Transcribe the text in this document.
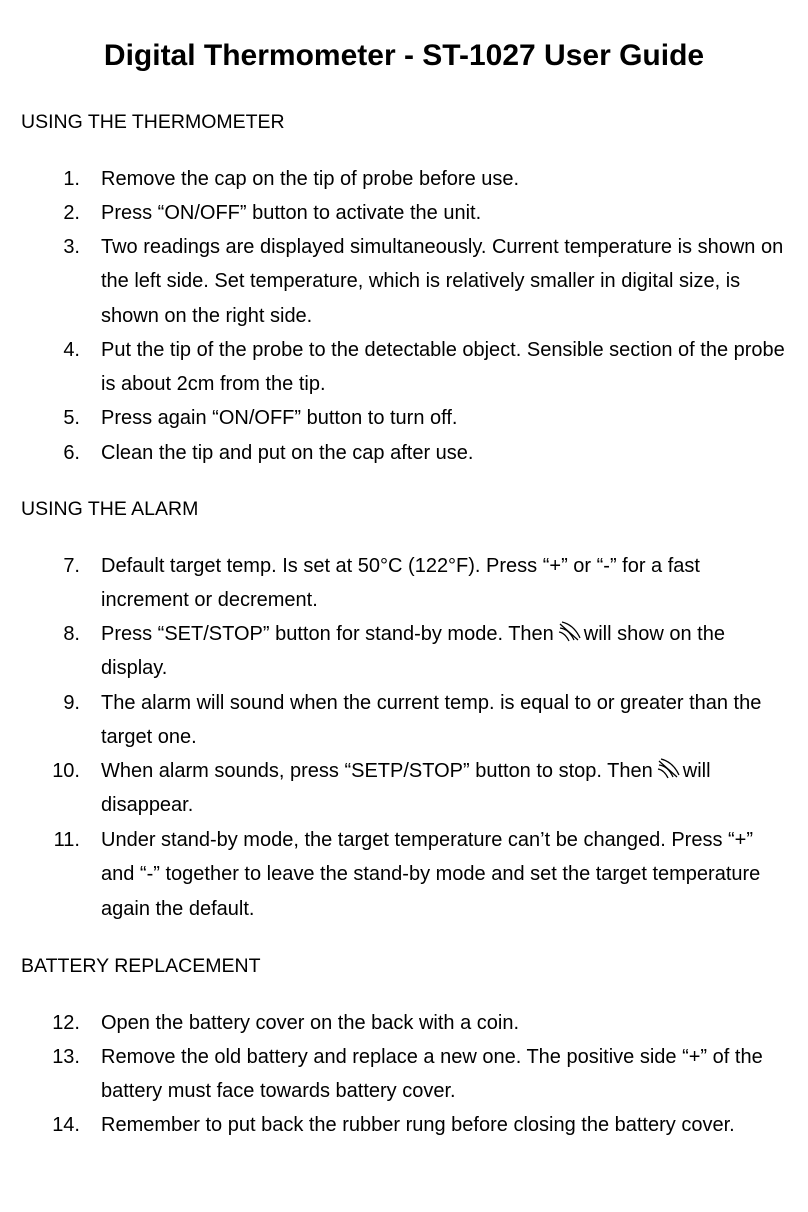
Digital Thermometer - ST-1027 User Guide
USING THE THERMOMETER
1. Remove the cap on the tip of probe before use.
2. Press “ON/OFF” button to activate the unit.
3. Two readings are displayed simultaneously. Current temperature is shown on the left side. Set temperature, which is relatively smaller in digital size, is shown on the right side.
4. Put the tip of the probe to the detectable object. Sensible section of the probe is about 2cm from the tip.
5. Press again “ON/OFF” button to turn off.
6. Clean the tip and put on the cap after use.
USING THE ALARM
7. Default target temp. Is set at 50°C (122°F). Press “+” or “-” for a fast increment or decrement.
8. Press “SET/STOP” button for stand-by mode. Then will show on the display.
9. The alarm will sound when the current temp. is equal to or greater than the target one.
10. When alarm sounds, press “SETP/STOP” button to stop. Then will disappear.
11. Under stand-by mode, the target temperature can’t be changed. Press “+” and “-” together to leave the stand-by mode and set the target temperature again the default.
BATTERY REPLACEMENT
12. Open the battery cover on the back with a coin.
13. Remove the old battery and replace a new one. The positive side “+” of the battery must face towards battery cover.
14. Remember to put back the rubber rung before closing the battery cover.
